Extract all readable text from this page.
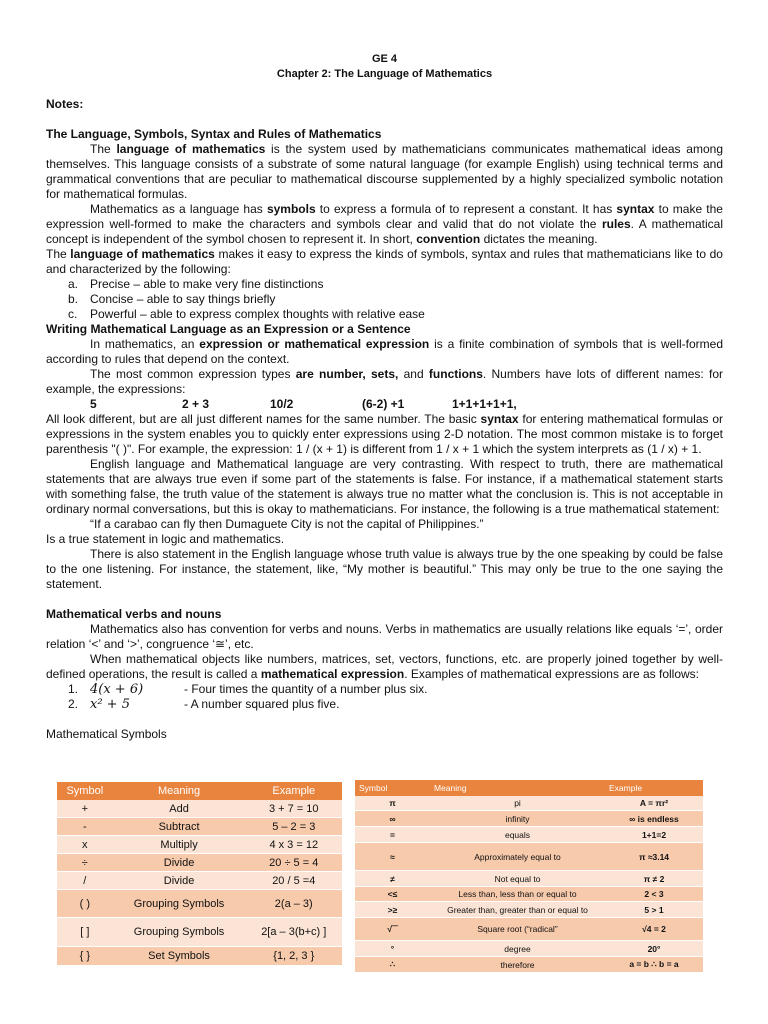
GE 4
Chapter 2: The Language of Mathematics
Notes:
The Language, Symbols, Syntax and Rules of Mathematics

The language of mathematics is the system used by mathematicians communicates mathematical ideas among themselves. This language consists of a substrate of some natural language (for example English) using technical terms and grammatical conventions that are peculiar to mathematical discourse supplemented by a highly specialized symbolic notation for mathematical formulas.

Mathematics as a language has symbols to express a formula of to represent a constant. It has syntax to make the expression well-formed to make the characters and symbols clear and valid that do not violate the rules. A mathematical concept is independent of the symbol chosen to represent it. In short, convention dictates the meaning.

The language of mathematics makes it easy to express the kinds of symbols, syntax and rules that mathematicians like to do and characterized by the following:

a. Precise – able to make very fine distinctions
b. Concise – able to say things briefly
c. Powerful – able to express complex thoughts with relative ease
Writing Mathematical Language as an Expression or a Sentence

In mathematics, an expression or mathematical expression is a finite combination of symbols that is well-formed according to rules that depend on the context.

The most common expression types are number, sets, and functions. Numbers have lots of different names: for example, the expressions:

5	2 + 3	10/2	(6-2) +1	1+1+1+1+1,

All look different, but are all just different names for the same number. The basic syntax for entering mathematical formulas or expressions in the system enables you to quickly enter expressions using 2-D notation. The most common mistake is to forget parenthesis "( )". For example, the expression: 1 / (x + 1) is different from 1 / x + 1 which the system interprets as (1 / x) + 1.

English language and Mathematical language are very contrasting. With respect to truth, there are mathematical statements that are always true even if some part of the statements is false. For instance, if a mathematical statement starts with something false, the truth value of the statement is always true no matter what the conclusion is. This is not acceptable in ordinary normal conversations, but this is okay to mathematicians. For instance, the following is a true mathematical statement:

“If a carabao can fly then Dumaguete City is not the capital of Philippines.”

Is a true statement in logic and mathematics.

There is also statement in the English language whose truth value is always true by the one speaking by could be false to the one listening. For instance, the statement, like, “My mother is beautiful.” This may only be true to the one saying the statement.

Mathematical verbs and nouns

Mathematics also has convention for verbs and nouns. Verbs in mathematics are usually relations like equals ‘=’, order relation ‘<’ and ‘>’, congruence ‘≅’, etc.

When mathematical objects like numbers, matrices, set, vectors, functions, etc. are properly joined together by well-defined operations, the result is called a mathematical expression. Examples of mathematical expressions are as follows:

1. 4(x + 6)	- Four times the quantity of a number plus six.
2. x² + 5	- A number squared plus five.
Mathematical Symbols
Symbol	Meaning	Example
+	Add	3 + 7 = 10
-	Subtract	5 – 2 = 3
x	Multiply	4 x 3 = 12
÷	Divide	20 ÷ 5 = 4
/	Divide	20 / 5 =4
( )	Grouping Symbols	2(a – 3)
[ ]	Grouping Symbols	2[a – 3(b+c) ]
{ }	Set Symbols	{1, 2, 3 }
Symbol	Meaning	Example
π	pi	A = πr²
∞	infinity	∞ is endless
=	equals	1+1=2
≈	Approximately equal to	π ≈3.14
≠	Not equal to	π ≠ 2
<≤	Less than, less than or equal to	2 < 3
>≥	Greater than, greater than or equal to	5 > 1
√‾‾	Square root (“radical”	√4 = 2
°	degree	20°
∴	therefore	a = b ∴ b = a
